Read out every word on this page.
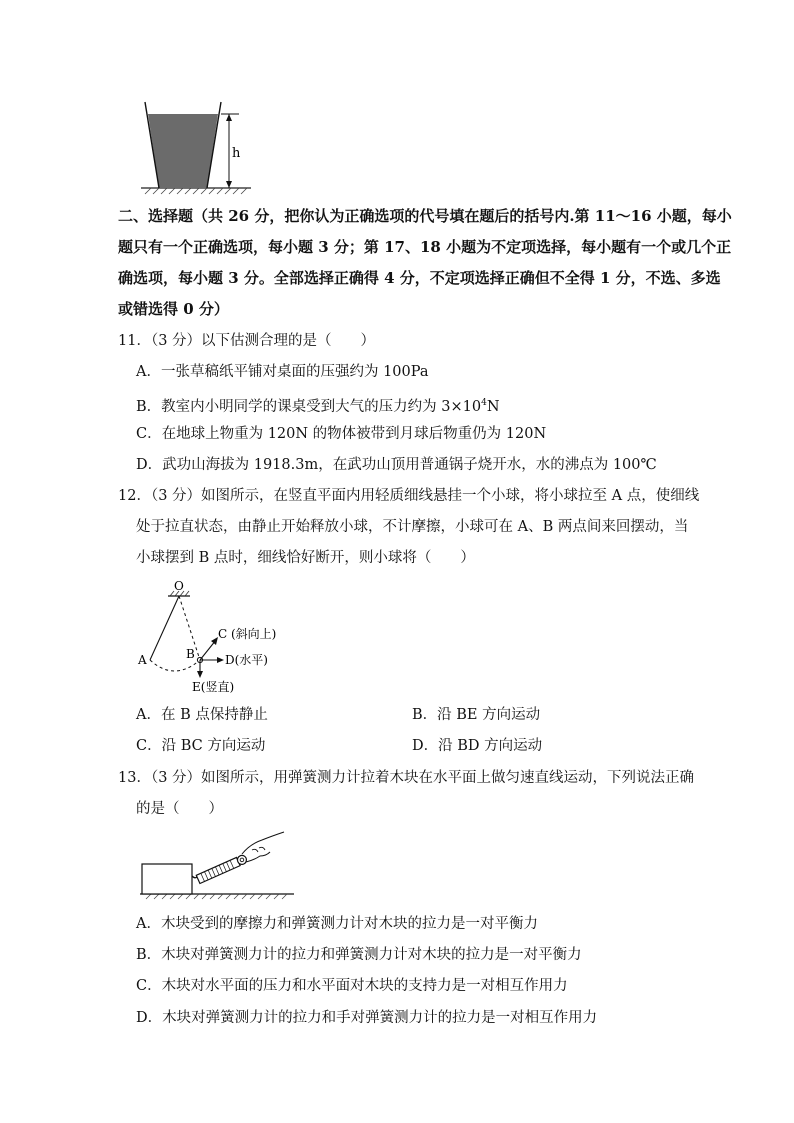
h
二、选择题（共 26 分，把你认为正确选项的代号填在题后的括号内.第 11～16 小题，每小
题只有一个正确选项，每小题 3 分；第 17、18 小题为不定项选择，每小题有一个或几个正
确选项，每小题 3 分。全部选择正确得 4 分，不定项选择正确但不全得 1 分，不选、多选
或错选得 0 分）
11．（3 分）以下估测合理的是（　　）
A．一张草稿纸平铺对桌面的压强约为 100Pa
B．教室内小明同学的课桌受到大气的压力约为 $3\times 10^4N$
C．在地球上物重为 120N 的物体被带到月球后物重仍为 120N
D．武功山海拔为 1918.3m，在武功山顶用普通锅子烧开水，水的沸点为 100℃
12．（3 分）如图所示，在竖直平面内用轻质细线悬挂一个小球，将小球拉至 A 点，使细线
处于拉直状态，由静止开始释放小球，不计摩擦，小球可在 A、B 两点间来回摆动，当
小球摆到 B 点时，细线恰好断开，则小球将（　　）
O
A	B
C (斜向上)
D(水平)
E(竖直)
A．在 B 点保持静止	B．沿 BE 方向运动
C．沿 BC 方向运动	D．沿 BD 方向运动
13．（3 分）如图所示，用弹簧测力计拉着木块在水平面上做匀速直线运动，下列说法正确
的是（　　）
A．木块受到的摩擦力和弹簧测力计对木块的拉力是一对平衡力
B．木块对弹簧测力计的拉力和弹簧测力计对木块的拉力是一对平衡力
C．木块对水平面的压力和水平面对木块的支持力是一对相互作用力
D．木块对弹簧测力计的拉力和手对弹簧测力计的拉力是一对相互作用力
